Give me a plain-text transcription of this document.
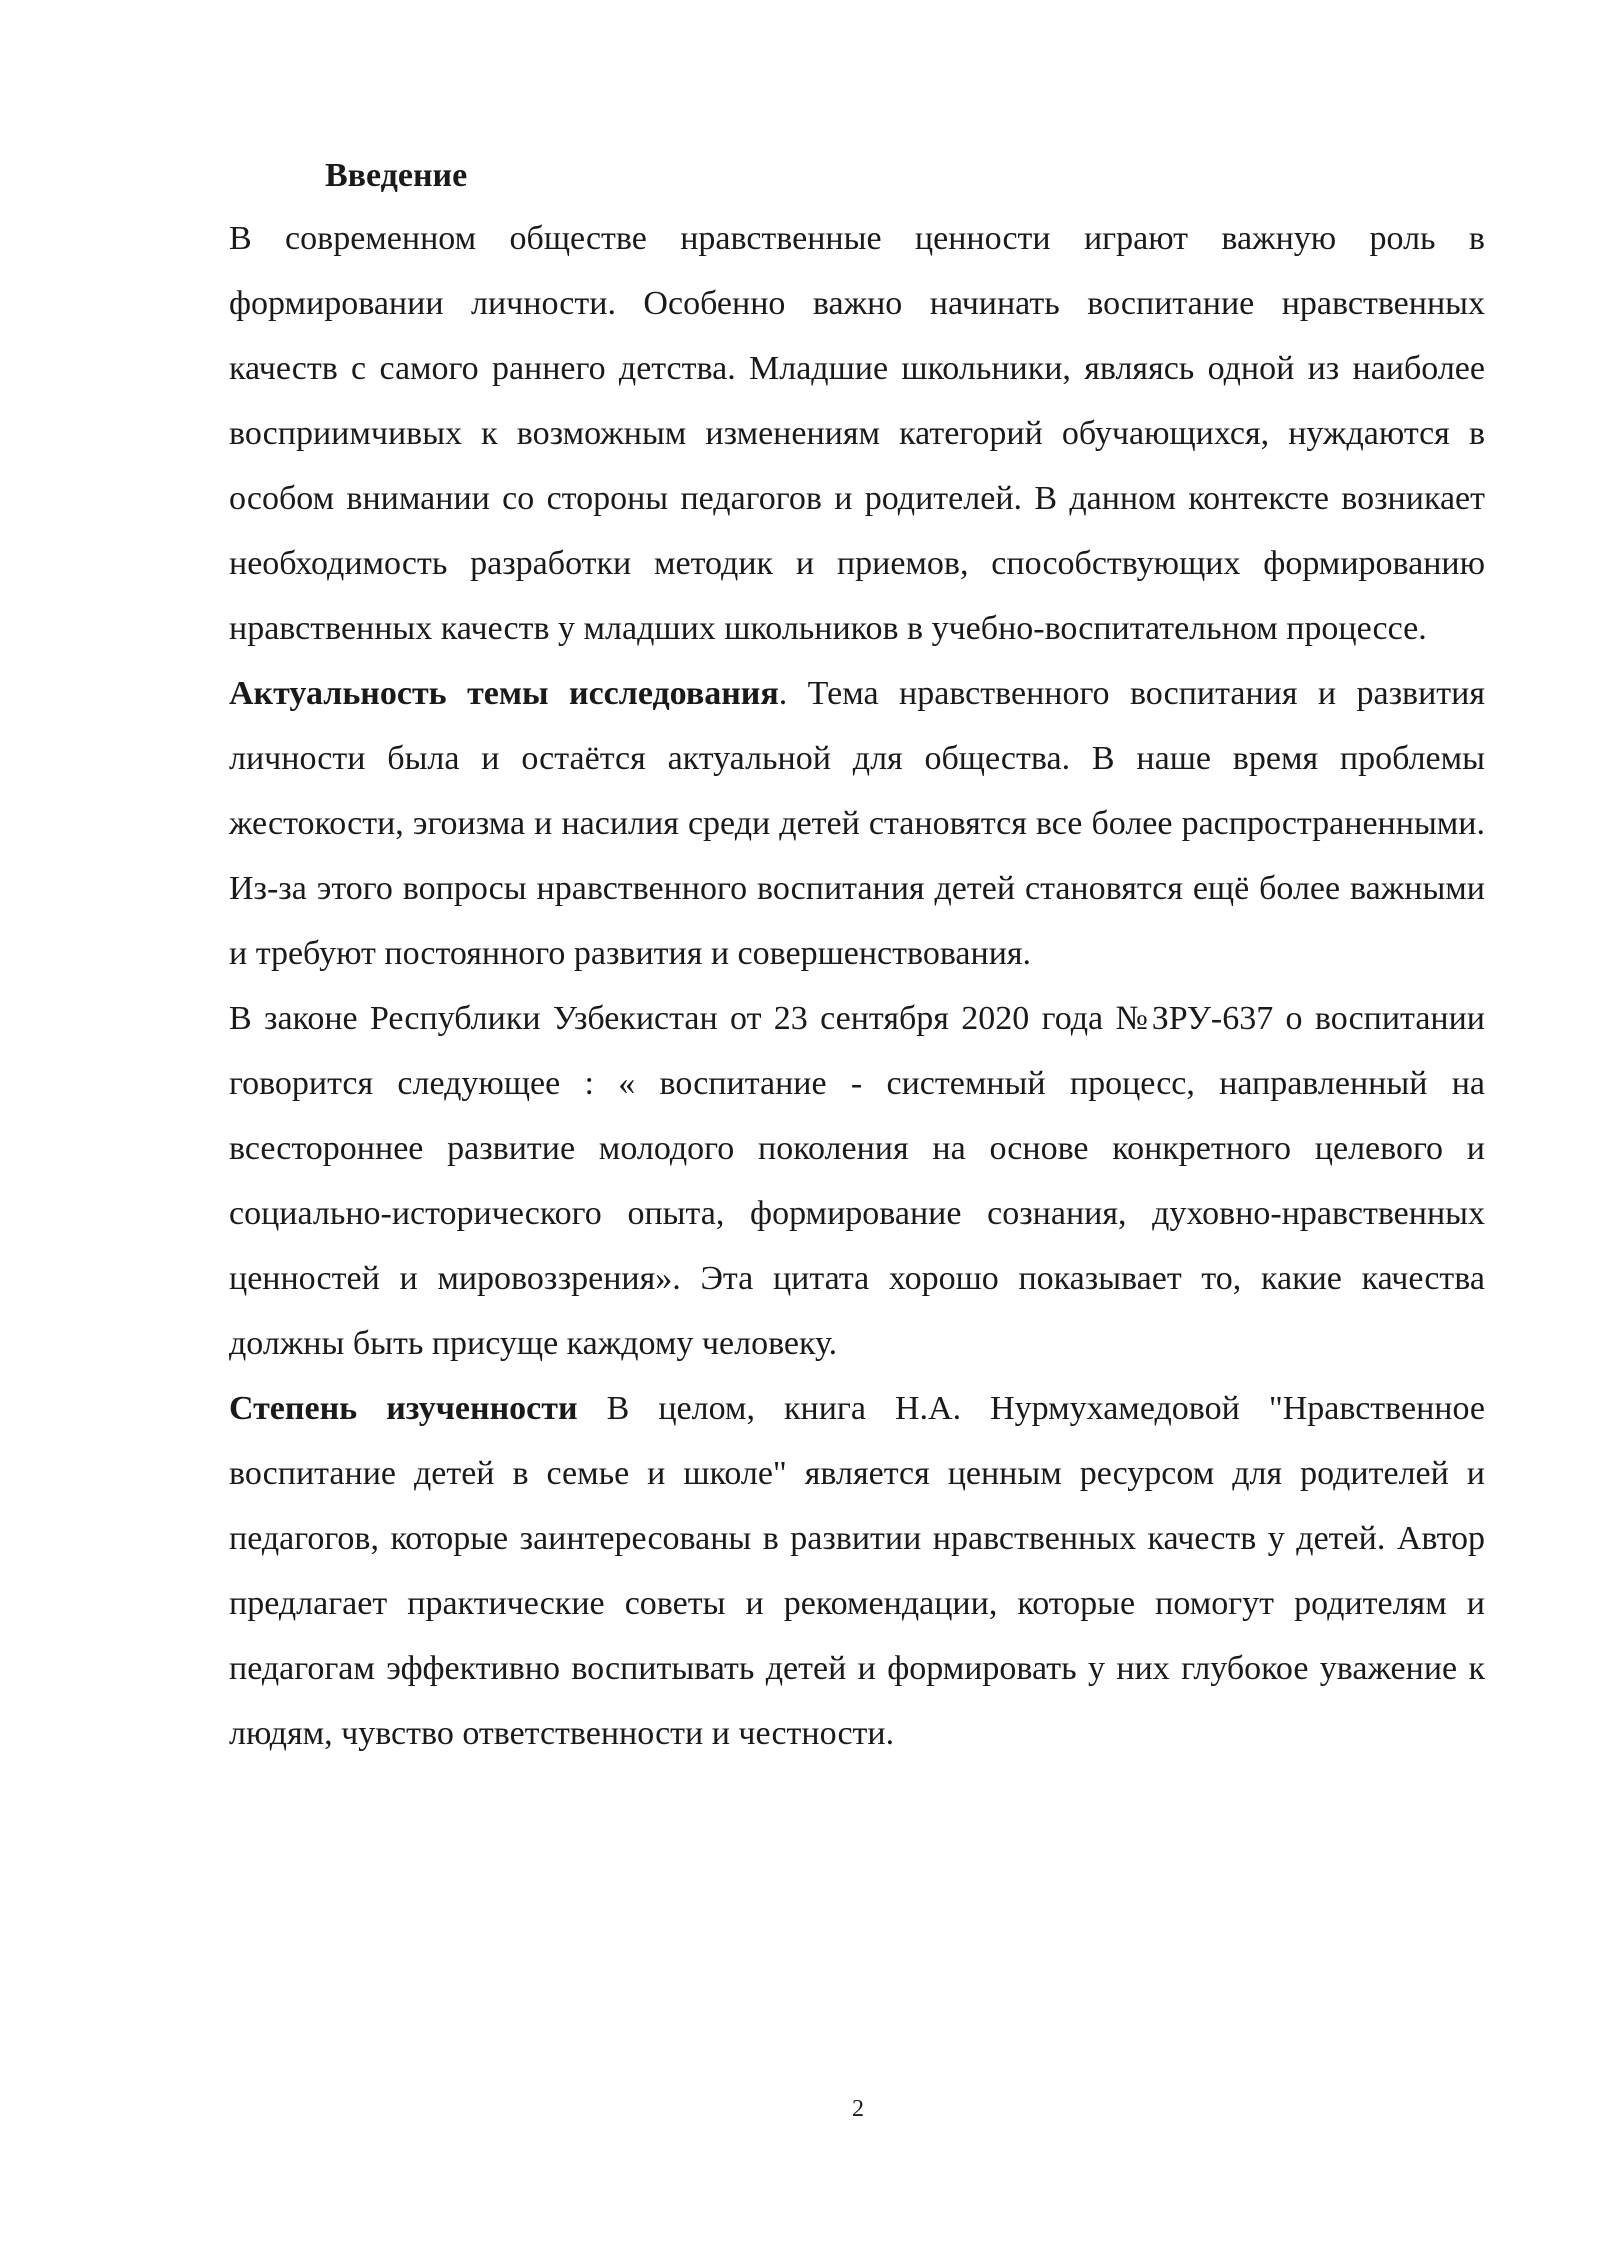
Введение

В современном обществе нравственные ценности играют важную роль в формировании личности. Особенно важно начинать воспитание нравственных качеств с самого раннего детства. Младшие школьники, являясь одной из наиболее восприимчивых к возможным изменениям категорий обучающихся, нуждаются в особом внимании со стороны педагогов и родителей. В данном контексте возникает необходимость разработки методик и приемов, способствующих формированию нравственных качеств у младших школьников в учебно-воспитательном процессе.

Актуальность темы исследования. Тема нравственного воспитания и развития личности была и остаётся актуальной для общества. В наше время проблемы жестокости, эгоизма и насилия среди детей становятся все более распространенными. Из-за этого вопросы нравственного воспитания детей становятся ещё более важными и требуют постоянного развития и совершенствования.

В законе Республики Узбекистан от 23 сентября 2020 года №ЗРУ-637 о воспитании говорится следующее : « воспитание - системный процесс, направленный на всестороннее развитие молодого поколения на основе конкретного целевого и социально-исторического опыта, формирование сознания, духовно-нравственных ценностей и мировоззрения». Эта цитата хорошо показывает то, какие качества должны быть присуще каждому человеку.

Степень изученности В целом, книга Н.А. Нурмухамедовой "Нравственное воспитание детей в семье и школе" является ценным ресурсом для родителей и педагогов, которые заинтересованы в развитии нравственных качеств у детей. Автор предлагает практические советы и рекомендации, которые помогут родителям и педагогам эффективно воспитывать детей и формировать у них глубокое уважение к людям, чувство ответственности и честности.

2
